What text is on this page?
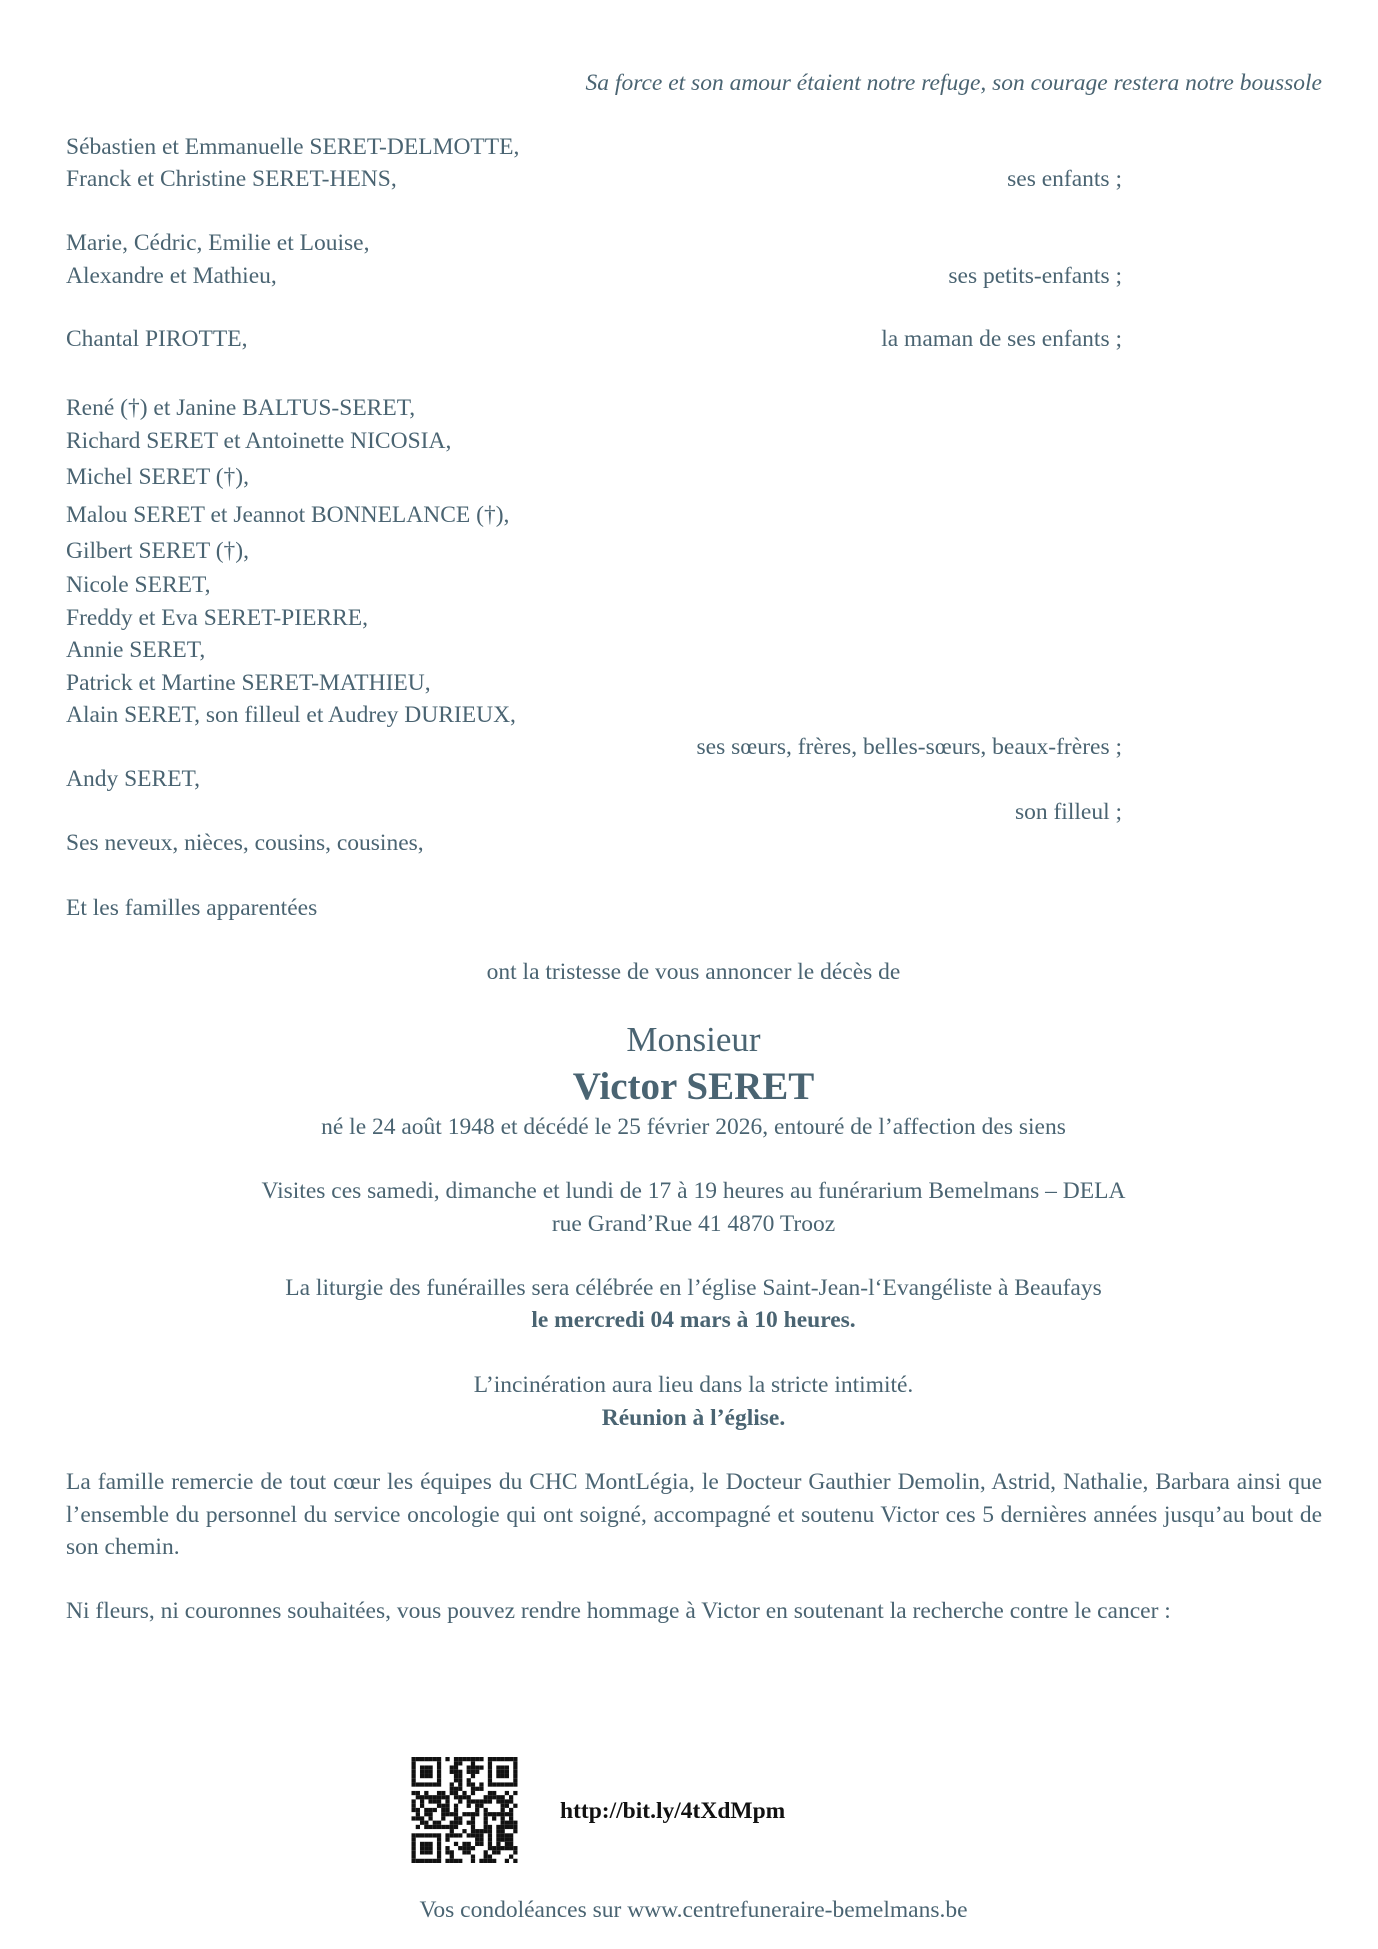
Sa force et son amour étaient notre refuge, son courage restera notre boussole
Sébastien et Emmanuelle SERET-DELMOTTE,
Franck et Christine SERET-HENS,	ses enfants ;
Marie, Cédric, Emilie et Louise,
Alexandre et Mathieu,	ses petits-enfants ;
Chantal PIROTTE,	la maman de ses enfants ;
René (†) et Janine BALTUS-SERET,
Richard SERET et Antoinette NICOSIA,
Michel SERET (†),
Malou SERET et Jeannot BONNELANCE (†),
Gilbert SERET (†),
Nicole SERET,
Freddy et Eva SERET-PIERRE,
Annie SERET,
Patrick et Martine SERET-MATHIEU,
Alain SERET, son filleul et Audrey DURIEUX,
ses sœurs, frères, belles-sœurs, beaux-frères ;
Andy SERET,
son filleul ;
Ses neveux, nièces, cousins, cousines,
Et les familles apparentées
ont la tristesse de vous annoncer le décès de
Monsieur
Victor SERET
né le 24 août 1948 et décédé le 25 février 2026, entouré de l’affection des siens
Visites ces samedi, dimanche et lundi de 17 à 19 heures au funérarium Bemelmans – DELA
rue Grand’Rue 41 4870 Trooz
La liturgie des funérailles sera célébrée en l’église Saint-Jean-l‘Evangéliste à Beaufays
le mercredi 04 mars à 10 heures.
L’incinération aura lieu dans la stricte intimité.
Réunion à l’église.
La famille remercie de tout cœur les équipes du CHC MontLégia, le Docteur Gauthier Demolin, Astrid, Nathalie, Barbara ainsi que l’ensemble du personnel du service oncologie qui ont soigné, accompagné et soutenu Victor ces 5 dernières années jusqu’au bout de son chemin.
Ni fleurs, ni couronnes souhaitées, vous pouvez rendre hommage à Victor en soutenant la recherche contre le cancer :
http://bit.ly/4tXdMpm
Vos condoléances sur www.centrefuneraire-bemelmans.be
